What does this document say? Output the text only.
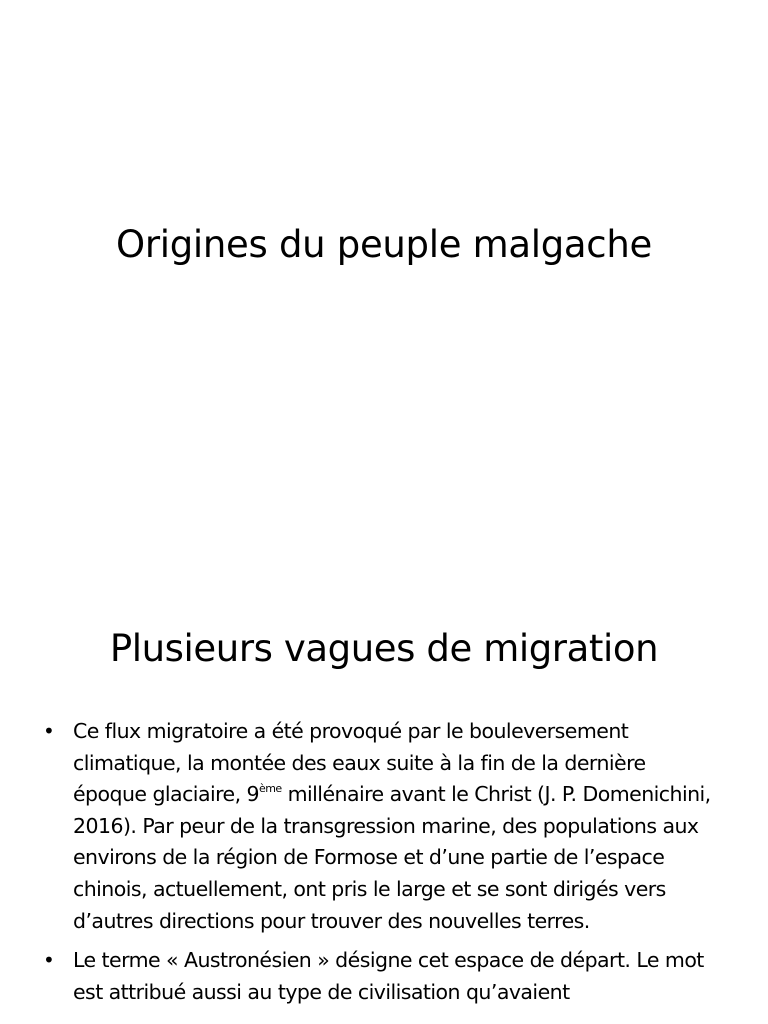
Origines du peuple malgache
Plusieurs vagues de migration
• Ce flux migratoire a été provoqué par le bouleversement climatique, la montée des eaux suite à la fin de la dernière époque glaciaire, 9ème millénaire avant le Christ (J. P. Domenichini, 2016). Par peur de la transgression marine, des populations aux environs de la région de Formose et d’une partie de l’espace chinois, actuellement, ont pris le large et se sont dirigés vers d’autres directions pour trouver des nouvelles terres.
• Le terme « Austronésien » désigne cet espace de départ. Le mot est attribué aussi au type de civilisation qu’avaient
